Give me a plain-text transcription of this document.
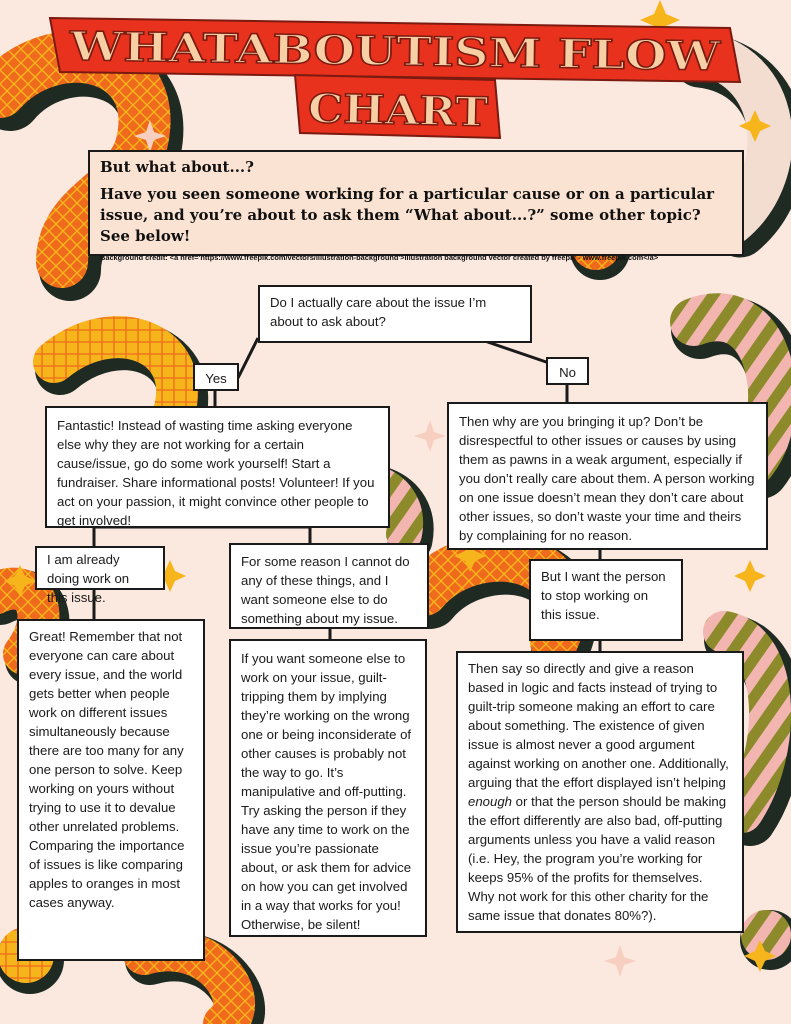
WHATABOUTISM FLOW
CHART
But what about...?
Have you seen someone working for a particular cause or on a particular issue, and you’re about to ask them “What about...?” some other topic? See below!
Background credit: <a href='https://www.freepik.com/vectors/illustration-background'>Illustration background vector created by freepik - www.freepik.com</a>
Do I actually care about the issue I’m about to ask about?
Yes	No
Fantastic! Instead of wasting time asking everyone else why they are not working for a certain cause/issue, go do some work yourself! Start a fundraiser. Share informational posts! Volunteer! If you act on your passion, it might convince other people to get involved!
Then why are you bringing it up? Don’t be disrespectful to other issues or causes by using them as pawns in a weak argument, especially if you don’t really care about them. A person working on one issue doesn’t mean they don’t care about other issues, so don’t waste your time and theirs by complaining for no reason.
I am already doing work on this issue.
For some reason I cannot do any of these things, and I want someone else to do something about my issue.
But I want the person to stop working on this issue.
Great! Remember that not everyone can care about every issue, and the world gets better when people work on different issues simultaneously because there are too many for any one person to solve. Keep working on yours without trying to use it to devalue other unrelated problems. Comparing the importance of issues is like comparing apples to oranges in most cases anyway.
If you want someone else to work on your issue, guilt-tripping them by implying they’re working on the wrong one or being inconsiderate of other causes is probably not the way to go. It’s manipulative and off-putting. Try asking the person if they have any time to work on the issue you’re passionate about, or ask them for advice on how you can get involved in a way that works for you! Otherwise, be silent!
Then say so directly and give a reason based in logic and facts instead of trying to guilt-trip someone making an effort to care about something. The existence of given issue is almost never a good argument against working on another one. Additionally, arguing that the effort displayed isn’t helping enough or that the person should be making the effort differently are also bad, off-putting arguments unless you have a valid reason (i.e. Hey, the program you’re working for keeps 95% of the profits for themselves. Why not work for this other charity for the same issue that donates 80%?).
